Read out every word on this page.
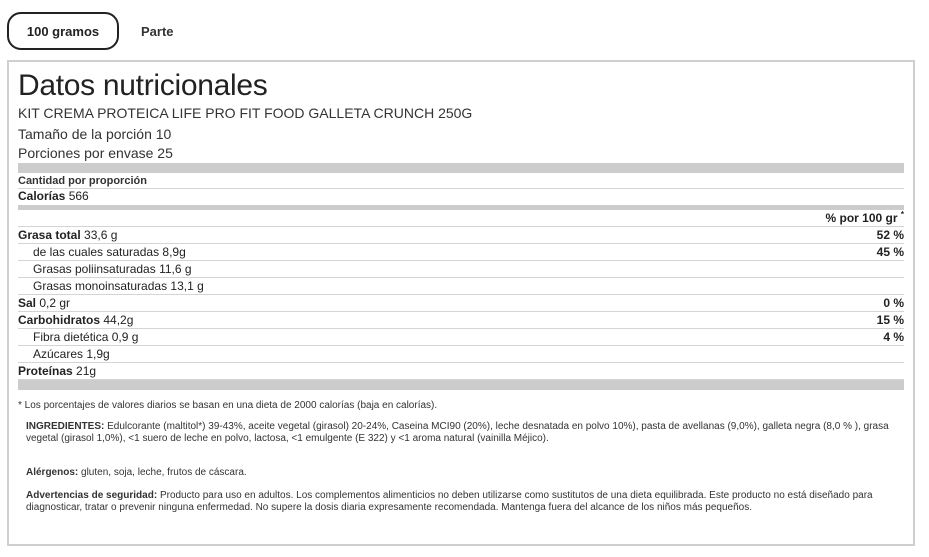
100 gramos	Parte
Datos nutricionales
KIT CREMA PROTEICA LIFE PRO FIT FOOD GALLETA CRUNCH 250G
Tamaño de la porción 10
Porciones por envase 25
Cantidad por proporción
Calorías 566
% por 100 gr *
Grasa total 33,6 g	52 %
de las cuales saturadas 8,9g	45 %
Grasas poliinsaturadas 11,6 g
Grasas monoinsaturadas 13,1 g
Sal 0,2 gr	0 %
Carbohidratos 44,2g	15 %
Fibra dietética 0,9 g	4 %
Azúcares 1,9g
Proteínas 21g
* Los porcentajes de valores diarios se basan en una dieta de 2000 calorías (baja en calorías).
INGREDIENTES: Edulcorante (maltitol*) 39-43%, aceite vegetal (girasol) 20-24%, Caseina MCI90 (20%), leche desnatada en polvo 10%), pasta de avellanas (9,0%), galleta negra (8,0 % ), grasa vegetal (girasol 1,0%), <1 suero de leche en polvo, lactosa, <1 emulgente (E 322) y <1 aroma natural (vainilla Méjico).
Alérgenos: gluten, soja, leche, frutos de cáscara.
Advertencias de seguridad: Producto para uso en adultos. Los complementos alimenticios no deben utilizarse como sustitutos de una dieta equilibrada. Este producto no está diseñado para diagnosticar, tratar o prevenir ninguna enfermedad. No supere la dosis diaria expresamente recomendada. Mantenga fuera del alcance de los niños más pequeños.
